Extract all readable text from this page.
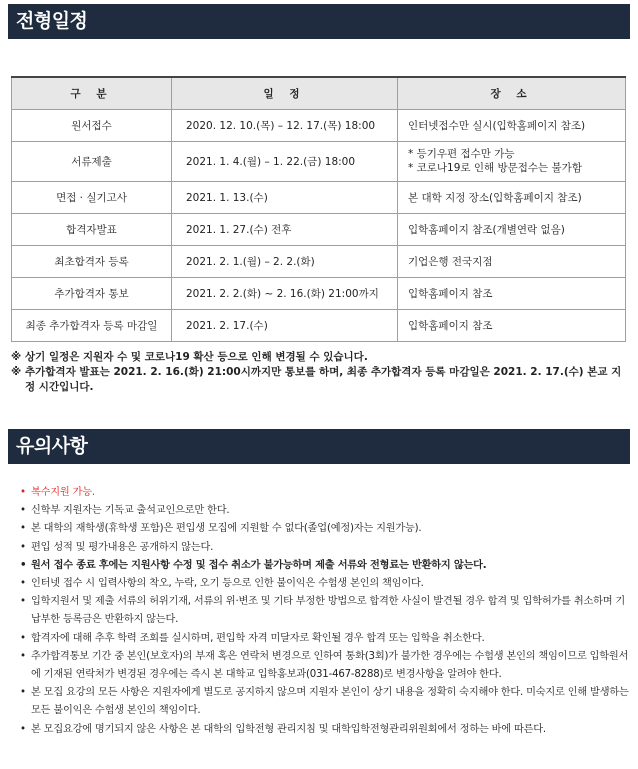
전형일정
구 분	일 정	장 소
원서접수	2020. 12. 10.(목) – 12. 17.(목) 18:00	인터넷접수만 실시(입학홈페이지 참조)
서류제출	2021. 1. 4.(월) – 1. 22.(금) 18:00	* 등기우편 접수만 가능
* 코로나19로 인해 방문접수는 불가함

면접 · 실기고사	2021. 1. 13.(수)	본 대학 지정 장소(입학홈페이지 참조)
합격자발표	2021. 1. 27.(수) 전후	입학홈페이지 참조(개별연락 없음)
최초합격자 등록	2021. 2. 1.(월) – 2. 2.(화)	기업은행 전국지점
추가합격자 통보	2021. 2. 2.(화) ~ 2. 16.(화) 21:00까지	입학홈페이지 참조
최종 추가합격자 등록 마감일	2021. 2. 17.(수)	입학홈페이지 참조
※ 상기 일정은 지원자 수 및 코로나19 확산 등으로 인해 변경될 수 있습니다.
※ 추가합격자 발표는 2021. 2. 16.(화) 21:00시까지만 통보를 하며, 최종 추가합격자 등록 마감일은 2021. 2. 17.(수) 본교 지정 시간입니다.
유의사항
• 복수지원 가능.
• 신학부 지원자는 기독교 출석교인으로만 한다.
• 본 대학의 재학생(휴학생 포함)은 편입생 모집에 지원할 수 없다(졸업(예정)자는 지원가능).
• 편입 성적 및 평가내용은 공개하지 않는다.
• 원서 접수 종료 후에는 지원사항 수정 및 접수 취소가 불가능하며 제출 서류와 전형료는 반환하지 않는다.
• 인터넷 접수 시 입력사항의 착오, 누락, 오기 등으로 인한 불이익은 수험생 본인의 책임이다.
• 입학지원서 및 제출 서류의 허위기재, 서류의 위·변조 및 기타 부정한 방법으로 합격한 사실이 발견될 경우 합격 및 입학허가를 취소하며 기 납부한 등록금은 반환하지 않는다.
• 합격자에 대해 추후 학력 조회를 실시하며, 편입학 자격 미달자로 확인될 경우 합격 또는 입학을 취소한다.
• 추가합격통보 기간 중 본인(보호자)의 부재 혹은 연락처 변경으로 인하여 통화(3회)가 불가한 경우에는 수험생 본인의 책임이므로 입학원서에 기재된 연락처가 변경된 경우에는 즉시 본 대학교 입학홍보과(031-467-8288)로 변경사항을 알려야 한다.
• 본 모집 요강의 모든 사항은 지원자에게 별도로 공지하지 않으며 지원자 본인이 상기 내용을 정확히 숙지해야 한다. 미숙지로 인해 발생하는 모든 불이익은 수험생 본인의 책임이다.
• 본 모집요강에 명기되지 않은 사항은 본 대학의 입학전형 관리지침 및 대학입학전형관리위원회에서 정하는 바에 따른다.
